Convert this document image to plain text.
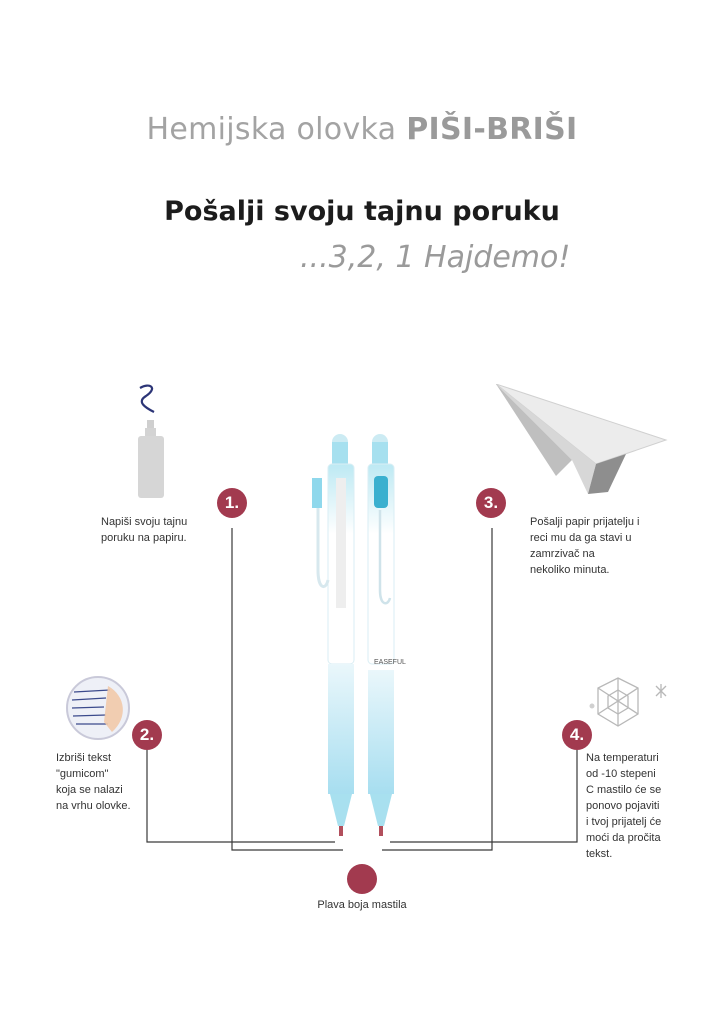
Hemijska olovka PIŠI-BRIŠI
Pošalji svoju tajnu poruku
...3,2, 1 Hajdemo!
EASEFUL
1.
Napiši svoju tajnu
poruku na papiru.
3.
Pošalji papir prijatelju i
reci mu da ga stavi u
zamrzivač na
nekoliko minuta.
2.
Izbriši tekst
"gumicom"
koja se nalazi
na vrhu olovke.
4.
Na temperaturi
od -10 stepeni
C mastilo će se
ponovo pojaviti
i tvoj prijatelj će
moći da pročita
tekst.
Plava boja mastila
